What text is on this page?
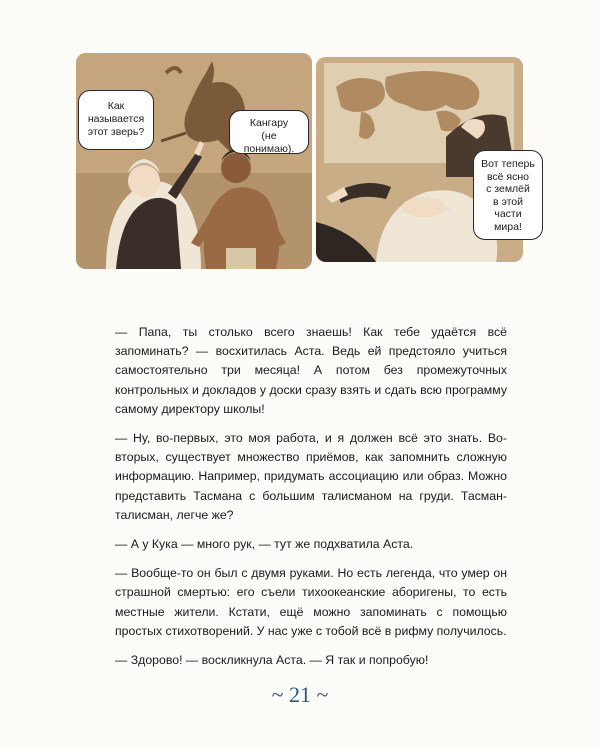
Как
называется
этот зверь?
Кангару
(не понимаю).
Вот теперь
всё ясно
с землёй
в этой части
мира!

— Папа, ты столько всего знаешь! Как тебе удаётся всё запоминать? — восхитилась Аста. Ведь ей предстояло учиться самостоятельно три месяца! А потом без промежуточных контрольных и докладов у доски сразу взять и сдать всю программу самому директору школы!

— Ну, во-первых, это моя работа, и я должен всё это знать. Во-вторых, существует множество приёмов, как запомнить сложную информацию. Например, придумать ассоциацию или образ. Можно представить Тасмана с большим талисманом на груди. Тасман-талисман, легче же?

— А у Кука — много рук, — тут же подхватила Аста.

— Вообще-то он был с двумя руками. Но есть легенда, что умер он страшной смертью: его съели тихоокеанские аборигены, то есть местные жители. Кстати, ещё можно запоминать с помощью простых стихотворений. У нас уже с тобой всё в рифму получилось.

— Здорово! — воскликнула Аста. — Я так и попробую!

~ 21 ~
